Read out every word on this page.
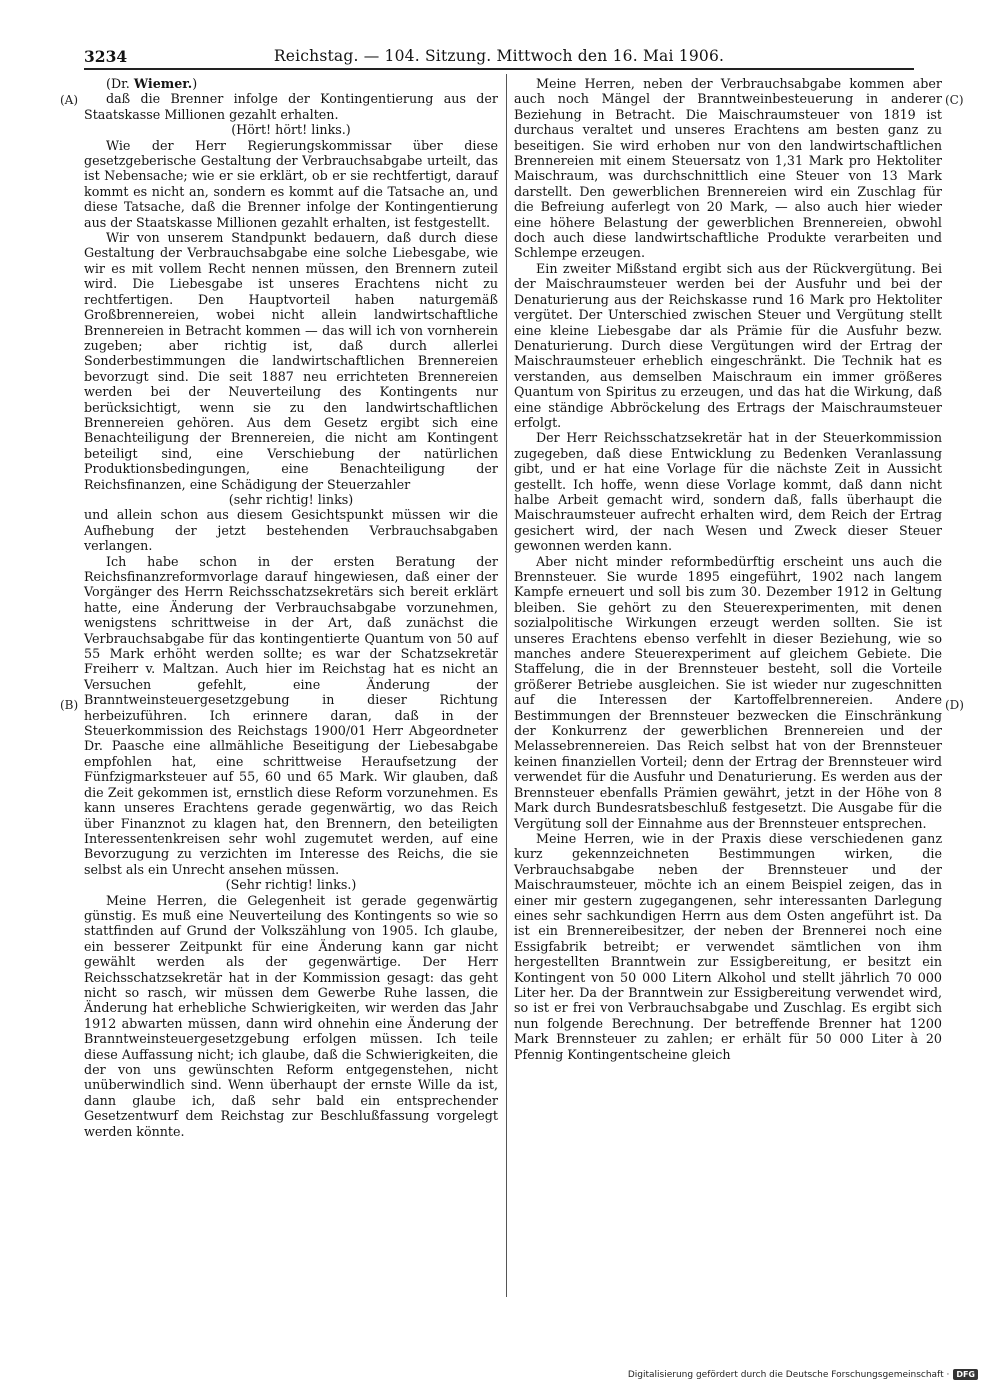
3234	Reichstag. — 104. Sitzung. Mittwoch den 16. Mai 1906.
(A)
(B)
(C)
(D)

(Dr. Wiemer.)

daß die Brenner infolge der Kontingentierung aus der Staatskasse Millionen gezahlt erhalten.

(Hört! hört! links.)

Wie der Herr Regierungskommissar über diese gesetzgeberische Gestaltung der Verbrauchsabgabe urteilt, das ist Nebensache; wie er sie erklärt, ob er sie rechtfertigt, darauf kommt es nicht an, sondern es kommt auf die Tatsache an, und diese Tatsache, daß die Brenner infolge der Kontingentierung aus der Staatskasse Millionen gezahlt erhalten, ist festgestellt.

Wir von unserem Standpunkt bedauern, daß durch diese Gestaltung der Verbrauchsabgabe eine solche Liebesgabe, wie wir es mit vollem Recht nennen müssen, den Brennern zuteil wird. Die Liebesgabe ist unseres Erachtens nicht zu rechtfertigen. Den Hauptvorteil haben naturgemäß Großbrennereien, wobei nicht allein landwirtschaftliche Brennereien in Betracht kommen — das will ich von vornherein zugeben; aber richtig ist, daß durch allerlei Sonderbestimmungen die landwirtschaftlichen Brennereien bevorzugt sind. Die seit 1887 neu errichteten Brennereien werden bei der Neuverteilung des Kontingents nur berücksichtigt, wenn sie zu den landwirtschaftlichen Brennereien gehören. Aus dem Gesetz ergibt sich eine Benachteiligung der Brennereien, die nicht am Kontingent beteiligt sind, eine Verschiebung der natürlichen Produktionsbedingungen, eine Benachteiligung der Reichsfinanzen, eine Schädigung der Steuerzahler

(sehr richtig! links)

und allein schon aus diesem Gesichtspunkt müssen wir die Aufhebung der jetzt bestehenden Verbrauchsabgaben verlangen.

Ich habe schon in der ersten Beratung der Reichsfinanzreformvorlage darauf hingewiesen, daß einer der Vorgänger des Herrn Reichsschatzsekretärs sich bereit erklärt hatte, eine Änderung der Verbrauchsabgabe vorzunehmen, wenigstens schrittweise in der Art, daß zunächst die Verbrauchsabgabe für das kontingentierte Quantum von 50 auf 55 Mark erhöht werden sollte; es war der Schatzsekretär Freiherr v. Maltzan. Auch hier im Reichstag hat es nicht an Versuchen gefehlt, eine Änderung der Branntweinsteuergesetzgebung in dieser Richtung herbeizuführen. Ich erinnere daran, daß in der Steuerkommission des Reichstags 1900/01 Herr Abgeordneter Dr. Paasche eine allmähliche Beseitigung der Liebesabgabe empfohlen hat, eine schrittweise Heraufsetzung der Fünfzigmarksteuer auf 55, 60 und 65 Mark. Wir glauben, daß die Zeit gekommen ist, ernstlich diese Reform vorzunehmen. Es kann unseres Erachtens gerade gegenwärtig, wo das Reich über Finanznot zu klagen hat, den Brennern, den beteiligten Interessentenkreisen sehr wohl zugemutet werden, auf eine Bevorzugung zu verzichten im Interesse des Reichs, die sie selbst als ein Unrecht ansehen müssen.

(Sehr richtig! links.)

Meine Herren, die Gelegenheit ist gerade gegenwärtig günstig. Es muß eine Neuverteilung des Kontingents so wie so stattfinden auf Grund der Volkszählung von 1905. Ich glaube, ein besserer Zeitpunkt für eine Änderung kann gar nicht gewählt werden als der gegenwärtige. Der Herr Reichsschatzsekretär hat in der Kommission gesagt: das geht nicht so rasch, wir müssen dem Gewerbe Ruhe lassen, die Änderung hat erhebliche Schwierigkeiten, wir werden das Jahr 1912 abwarten müssen, dann wird ohnehin eine Änderung der Branntweinsteuergesetzgebung erfolgen müssen. Ich teile diese Auffassung nicht; ich glaube, daß die Schwierigkeiten, die der von uns gewünschten Reform entgegenstehen, nicht unüberwindlich sind. Wenn überhaupt der ernste Wille da ist, dann glaube ich, daß sehr bald ein entsprechender Gesetzentwurf dem Reichstag zur Beschlußfassung vorgelegt werden könnte.

Meine Herren, neben der Verbrauchsabgabe kommen aber auch noch Mängel der Branntweinbesteuerung in anderer Beziehung in Betracht. Die Maischraumsteuer von 1819 ist durchaus veraltet und unseres Erachtens am besten ganz zu beseitigen. Sie wird erhoben nur von den landwirtschaftlichen Brennereien mit einem Steuersatz von 1,31 Mark pro Hektoliter Maischraum, was durchschnittlich eine Steuer von 13 Mark darstellt. Den gewerblichen Brennereien wird ein Zuschlag für die Befreiung auferlegt von 20 Mark, — also auch hier wieder eine höhere Belastung der gewerblichen Brennereien, obwohl doch auch diese landwirtschaftliche Produkte verarbeiten und Schlempe erzeugen.

Ein zweiter Mißstand ergibt sich aus der Rückvergütung. Bei der Maischraumsteuer werden bei der Ausfuhr und bei der Denaturierung aus der Reichskasse rund 16 Mark pro Hektoliter vergütet. Der Unterschied zwischen Steuer und Vergütung stellt eine kleine Liebesgabe dar als Prämie für die Ausfuhr bezw. Denaturierung. Durch diese Vergütungen wird der Ertrag der Maischraumsteuer erheblich eingeschränkt. Die Technik hat es verstanden, aus demselben Maischraum ein immer größeres Quantum von Spiritus zu erzeugen, und das hat die Wirkung, daß eine ständige Abbröckelung des Ertrags der Maischraumsteuer erfolgt.

Der Herr Reichsschatzsekretär hat in der Steuerkommission zugegeben, daß diese Entwicklung zu Bedenken Veranlassung gibt, und er hat eine Vorlage für die nächste Zeit in Aussicht gestellt. Ich hoffe, wenn diese Vorlage kommt, daß dann nicht halbe Arbeit gemacht wird, sondern daß, falls überhaupt die Maischraumsteuer aufrecht erhalten wird, dem Reich der Ertrag gesichert wird, der nach Wesen und Zweck dieser Steuer gewonnen werden kann.

Aber nicht minder reformbedürftig erscheint uns auch die Brennsteuer. Sie wurde 1895 eingeführt, 1902 nach langem Kampfe erneuert und soll bis zum 30. Dezember 1912 in Geltung bleiben. Sie gehört zu den Steuerexperimenten, mit denen sozialpolitische Wirkungen erzeugt werden sollten. Sie ist unseres Erachtens ebenso verfehlt in dieser Beziehung, wie so manches andere Steuerexperiment auf gleichem Gebiete. Die Staffelung, die in der Brennsteuer besteht, soll die Vorteile größerer Betriebe ausgleichen. Sie ist wieder nur zugeschnitten auf die Interessen der Kartoffelbrennereien. Andere Bestimmungen der Brennsteuer bezwecken die Einschränkung der Konkurrenz der gewerblichen Brennereien und der Melassebrennereien. Das Reich selbst hat von der Brennsteuer keinen finanziellen Vorteil; denn der Ertrag der Brennsteuer wird verwendet für die Ausfuhr und Denaturierung. Es werden aus der Brennsteuer ebenfalls Prämien gewährt, jetzt in der Höhe von 8 Mark durch Bundesratsbeschluß festgesetzt. Die Ausgabe für die Vergütung soll der Einnahme aus der Brennsteuer entsprechen.

Meine Herren, wie in der Praxis diese verschiedenen ganz kurz gekennzeichneten Bestimmungen wirken, die Verbrauchsabgabe neben der Brennsteuer und der Maischraumsteuer, möchte ich an einem Beispiel zeigen, das in einer mir gestern zugegangenen, sehr interessanten Darlegung eines sehr sachkundigen Herrn aus dem Osten angeführt ist. Da ist ein Brennereibesitzer, der neben der Brennerei noch eine Essigfabrik betreibt; er verwendet sämtlichen von ihm hergestellten Branntwein zur Essigbereitung, er besitzt ein Kontingent von 50 000 Litern Alkohol und stellt jährlich 70 000 Liter her. Da der Branntwein zur Essigbereitung verwendet wird, so ist er frei von Verbrauchsabgabe und Zuschlag. Es ergibt sich nun folgende Berechnung. Der betreffende Brenner hat 1200 Mark Brennsteuer zu zahlen; er erhält für 50 000 Liter à 20 Pfennig Kontingentscheine gleich

Digitalisierung gefördert durch die Deutsche Forschungsgemeinschaft · DFG
